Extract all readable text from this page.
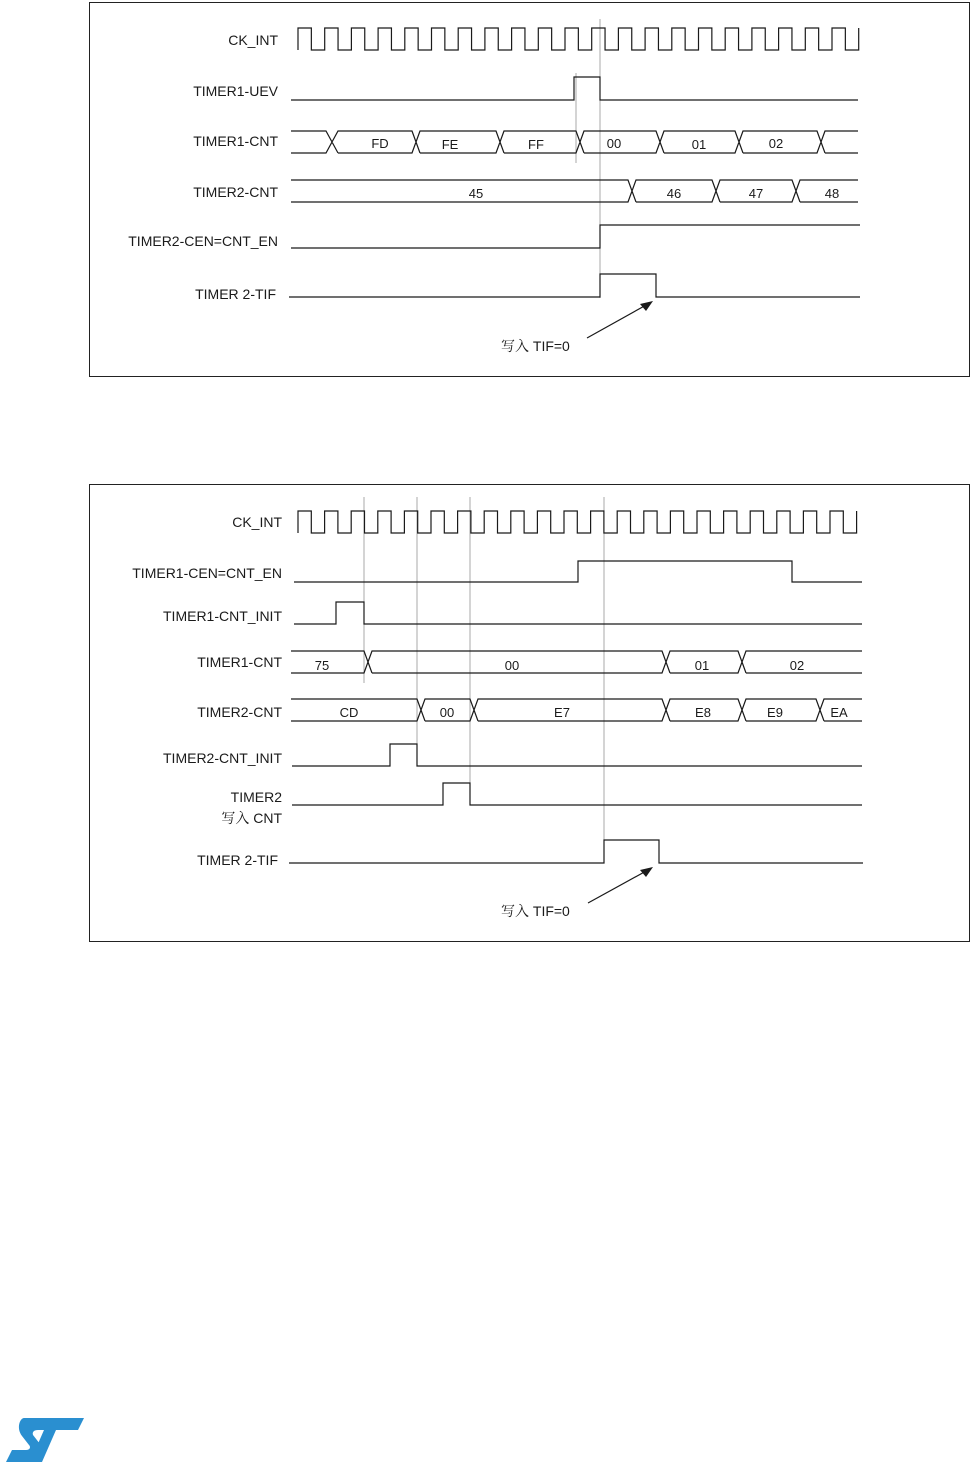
CK_INT
TIMER1-UEV
TIMER1-CNT
TIMER2-CNT
TIMER2-CEN=CNT_EN
TIMER 2-TIF
FD	FE	FF	00	01	02
45	46	47	48
写入 TIF=0
CK_INT
TIMER1-CEN=CNT_EN
TIMER1-CNT_INIT
TIMER1-CNT
TIMER2-CNT
TIMER2-CNT_INIT
TIMER2
写入 CNT
TIMER 2-TIF
75	00	01	02
CD	00	E7	E8	E9	EA
写入 TIF=0
